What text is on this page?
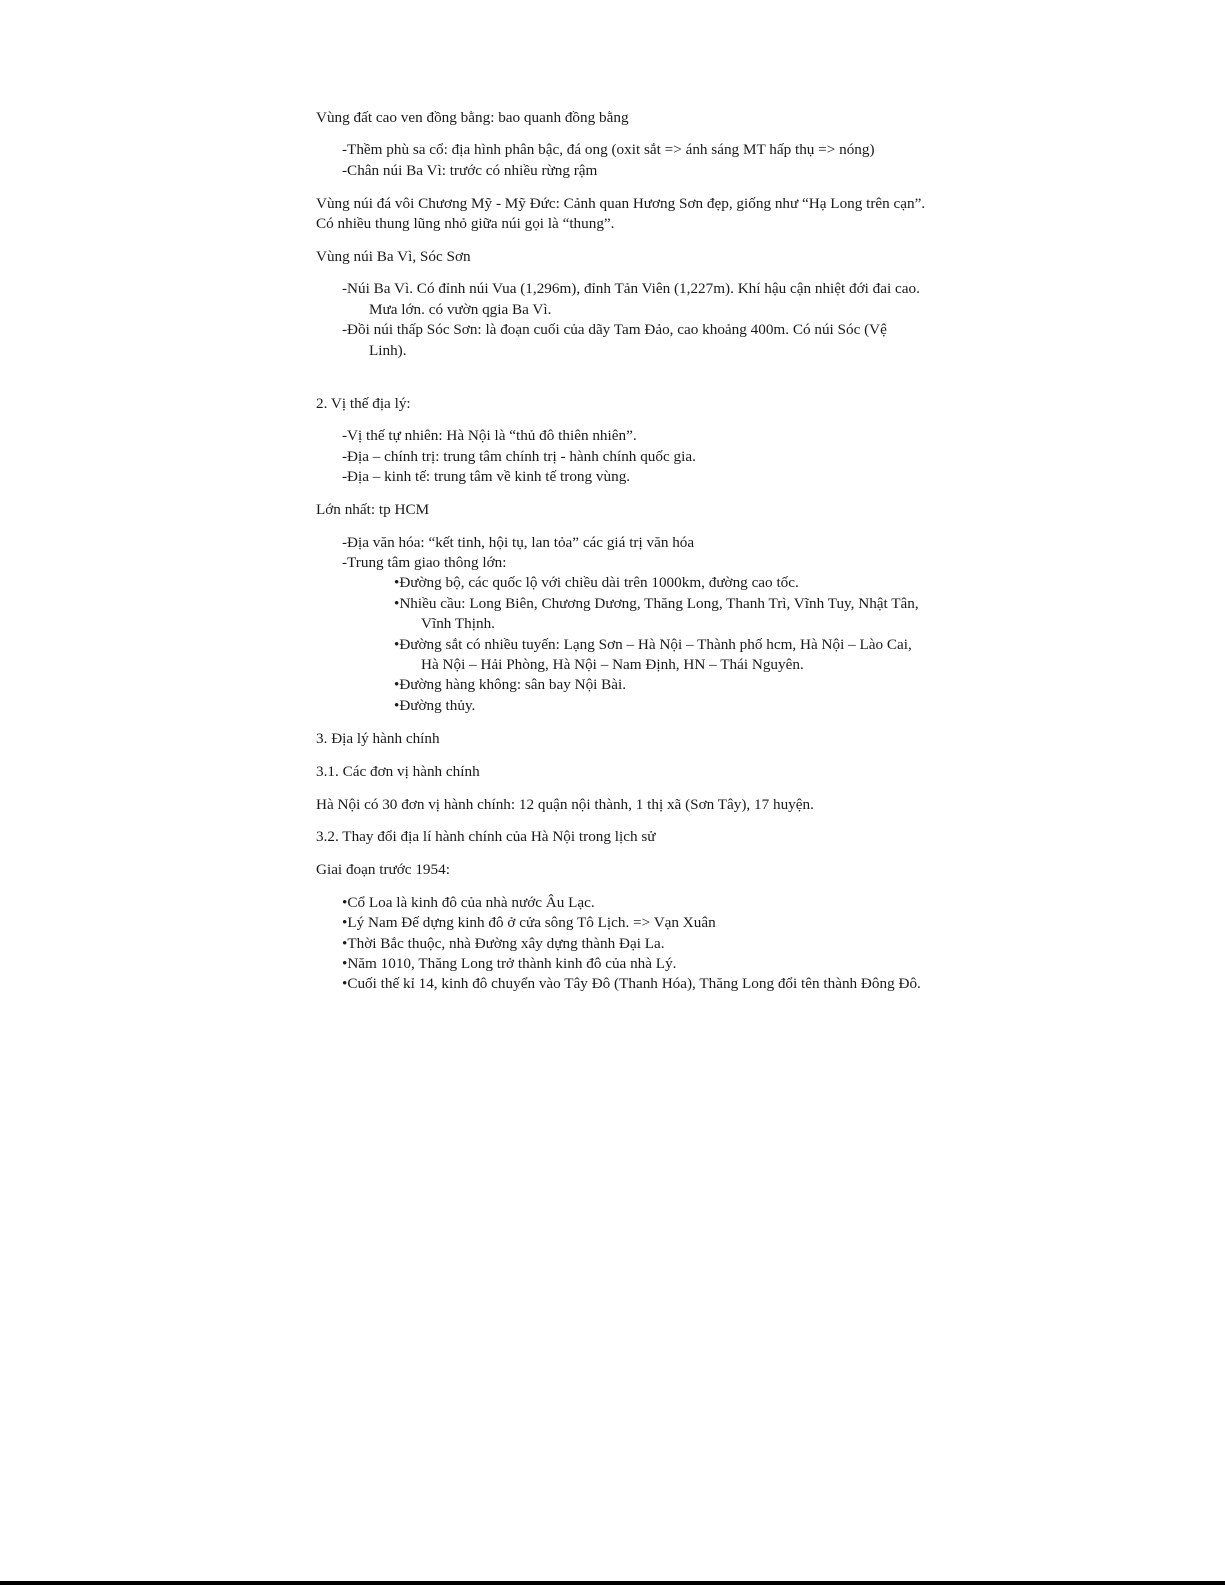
Vùng đất cao ven đồng bằng: bao quanh đồng bằng

-Thềm phù sa cổ: địa hình phân bậc, đá ong (oxit sắt => ánh sáng MT hấp thụ => nóng)
-Chân núi Ba Vì: trước có nhiều rừng rậm

Vùng núi đá vôi Chương Mỹ - Mỹ Đức: Cảnh quan Hương Sơn đẹp, giống như “Hạ Long trên cạn”. Có nhiều thung lũng nhỏ giữa núi gọi là “thung”.

Vùng núi Ba Vì, Sóc Sơn

-Núi Ba Vì. Có đỉnh núi Vua (1,296m), đỉnh Tản Viên (1,227m). Khí hậu cận nhiệt đới đai cao. Mưa lớn. có vườn qgia Ba Vì.
-Đồi núi thấp Sóc Sơn: là đoạn cuối của dãy Tam Đảo, cao khoảng 400m. Có núi Sóc (Vệ Linh).

2. Vị thế địa lý:

-Vị thế tự nhiên: Hà Nội là “thủ đô thiên nhiên”.
-Địa – chính trị: trung tâm chính trị - hành chính quốc gia.
-Địa – kinh tế: trung tâm về kinh tế trong vùng.

Lớn nhất: tp HCM

-Địa văn hóa: “kết tinh, hội tụ, lan tỏa” các giá trị văn hóa
-Trung tâm giao thông lớn:
•Đường bộ, các quốc lộ với chiều dài trên 1000km, đường cao tốc.
•Nhiều cầu: Long Biên, Chương Dương, Thăng Long, Thanh Trì, Vĩnh Tuy, Nhật Tân, Vĩnh Thịnh.
•Đường sắt có nhiều tuyến: Lạng Sơn – Hà Nội – Thành phố hcm, Hà Nội – Lào Cai, Hà Nội – Hải Phòng, Hà Nội – Nam Định, HN – Thái Nguyên.
•Đường hàng không: sân bay Nội Bài.
•Đường thủy.

3. Địa lý hành chính

3.1. Các đơn vị hành chính

Hà Nội có 30 đơn vị hành chính: 12 quận nội thành, 1 thị xã (Sơn Tây), 17 huyện.

3.2. Thay đổi địa lí hành chính của Hà Nội trong lịch sử

Giai đoạn trước 1954:

•Cổ Loa là kinh đô của nhà nước Âu Lạc.
•Lý Nam Đế dựng kinh đô ở cửa sông Tô Lịch. => Vạn Xuân
•Thời Bắc thuộc, nhà Đường xây dựng thành Đại La.
•Năm 1010, Thăng Long trở thành kinh đô của nhà Lý.
•Cuối thế kỉ 14, kinh đô chuyển vào Tây Đô (Thanh Hóa), Thăng Long đổi tên thành Đông Đô.
